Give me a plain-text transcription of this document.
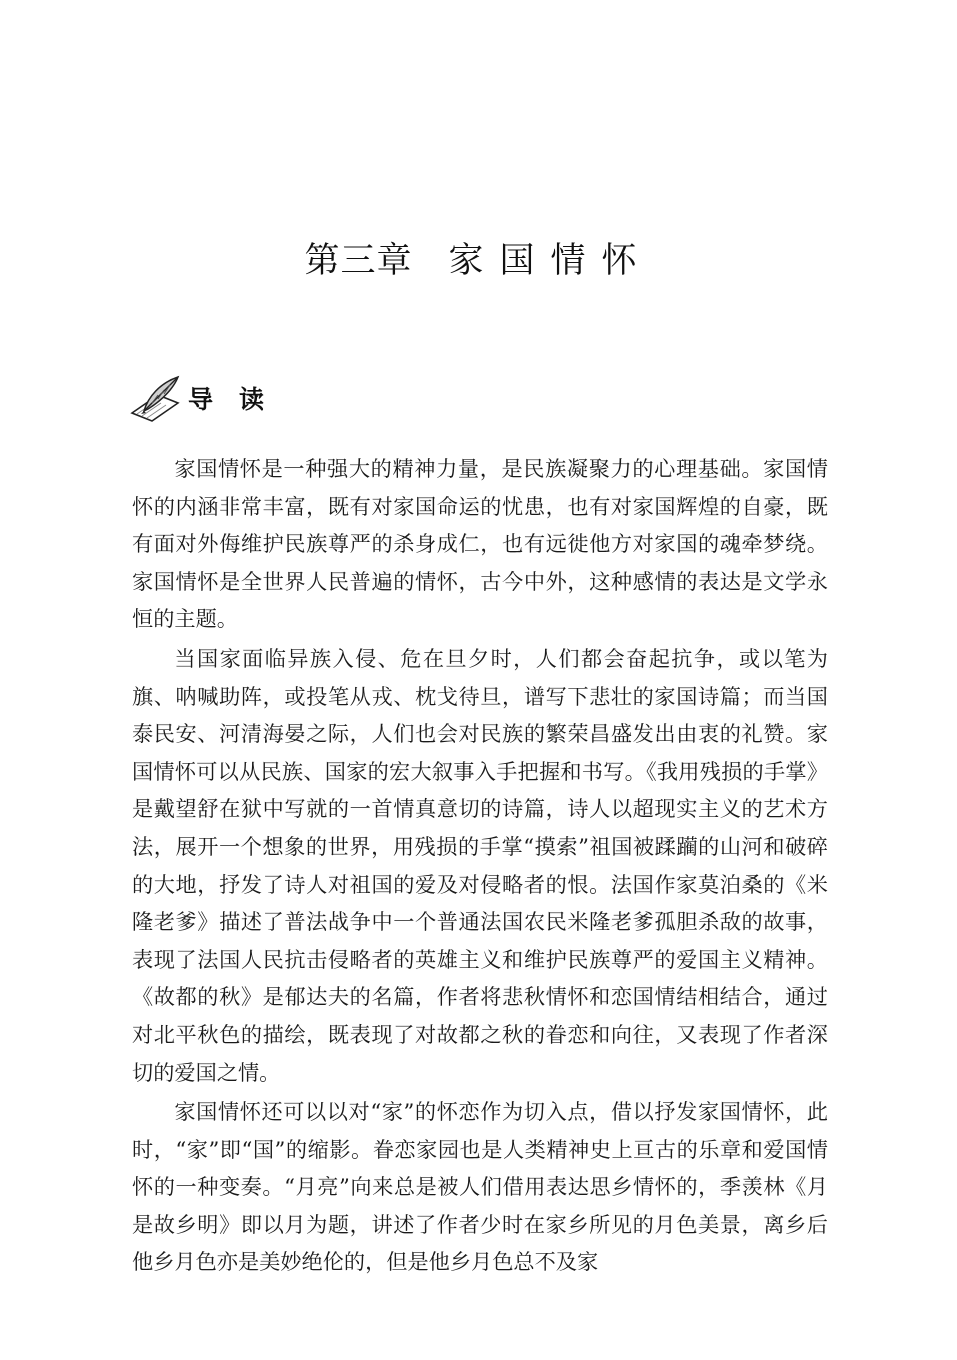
第三章 家国情怀
导读

家国情怀是一种强大的精神力量，是民族凝聚力的心理基础。家国情怀的内涵非常丰富，既有对家国命运的忧患，也有对家国辉煌的自豪，既有面对外侮维护民族尊严的杀身成仁，也有远徙他方对家国的魂牵梦绕。家国情怀是全世界人民普遍的情怀，古今中外，这种感情的表达是文学永恒的主题。

当国家面临异族入侵、危在旦夕时，人们都会奋起抗争，或以笔为旗、呐喊助阵，或投笔从戎、枕戈待旦，谱写下悲壮的家国诗篇；而当国泰民安、河清海晏之际，人们也会对民族的繁荣昌盛发出由衷的礼赞。家国情怀可以从民族、国家的宏大叙事入手把握和书写。《我用残损的手掌》是戴望舒在狱中写就的一首情真意切的诗篇，诗人以超现实主义的艺术方法，展开一个想象的世界，用残损的手掌“摸索”祖国被蹂躏的山河和破碎的大地，抒发了诗人对祖国的爱及对侵略者的恨。法国作家莫泊桑的《米隆老爹》描述了普法战争中一个普通法国农民米隆老爹孤胆杀敌的故事，表现了法国人民抗击侵略者的英雄主义和维护民族尊严的爱国主义精神。《故都的秋》是郁达夫的名篇，作者将悲秋情怀和恋国情结相结合，通过对北平秋色的描绘，既表现了对故都之秋的眷恋和向往，又表现了作者深切的爱国之情。

家国情怀还可以以对“家”的怀恋作为切入点，借以抒发家国情怀，此时，“家”即“国”的缩影。眷恋家园也是人类精神史上亘古的乐章和爱国情怀的一种变奏。“月亮”向来总是被人们借用表达思乡情怀的，季羡林《月是故乡明》即以月为题，讲述了作者少时在家乡所见的月色美景，离乡后他乡月色亦是美妙绝伦的，但是他乡月色总不及家
